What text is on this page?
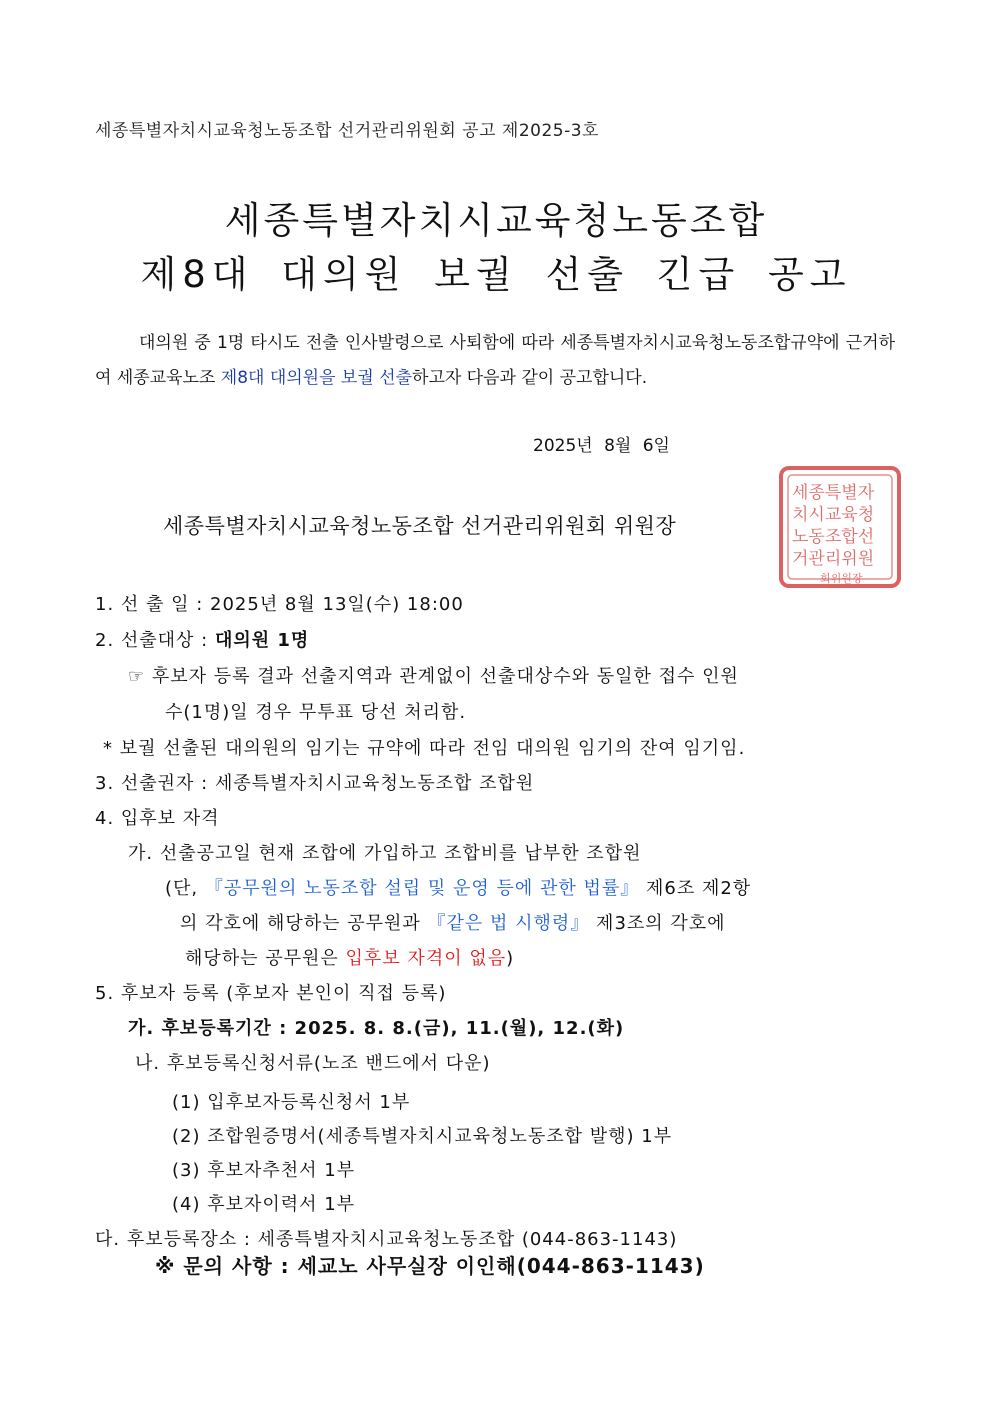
세종특별자치시교육청노동조합 선거관리위원회 공고 제2025-3호
세종특별자치시교육청노동조합
제8대 대의원 보궐 선출 긴급 공고
대의원 중 1명 타시도 전출 인사발령으로 사퇴함에 따라 세종특별자치시교육청노동조합규약에 근거하여 세종교육노조 제8대 대의원을 보궐 선출하고자 다음과 같이 공고합니다.
2025년 8월 6일
세종특별자치시교육청노동조합 선거관리위원회 위원장
세종특별자
치시교육청
노동조합선
거관리위원
회위원장
1. 선 출 일 : 2025년 8월 13일(수) 18:00
2. 선출대상 : 대의원 1명
☞ 후보자 등록 결과 선출지역과 관계없이 선출대상수와 동일한 접수 인원
수(1명)일 경우 무투표 당선 처리함.
* 보궐 선출된 대의원의 임기는 규약에 따라 전임 대의원 임기의 잔여 임기임.
3. 선출권자 : 세종특별자치시교육청노동조합 조합원
4. 입후보 자격
가. 선출공고일 현재 조합에 가입하고 조합비를 납부한 조합원
(단, 『공무원의 노동조합 설립 및 운영 등에 관한 법률』 제6조 제2항
의 각호에 해당하는 공무원과 『같은 법 시행령』 제3조의 각호에
해당하는 공무원은 입후보 자격이 없음)
5. 후보자 등록 (후보자 본인이 직접 등록)
가. 후보등록기간 : 2025. 8. 8.(금), 11.(월), 12.(화)
나. 후보등록신청서류(노조 밴드에서 다운)
(1) 입후보자등록신청서 1부
(2) 조합원증명서(세종특별자치시교육청노동조합 발행) 1부
(3) 후보자추천서 1부
(4) 후보자이력서 1부
다. 후보등록장소 : 세종특별자치시교육청노동조합 (044-863-1143)
※ 문의 사항 : 세교노 사무실장 이인해(044-863-1143)
